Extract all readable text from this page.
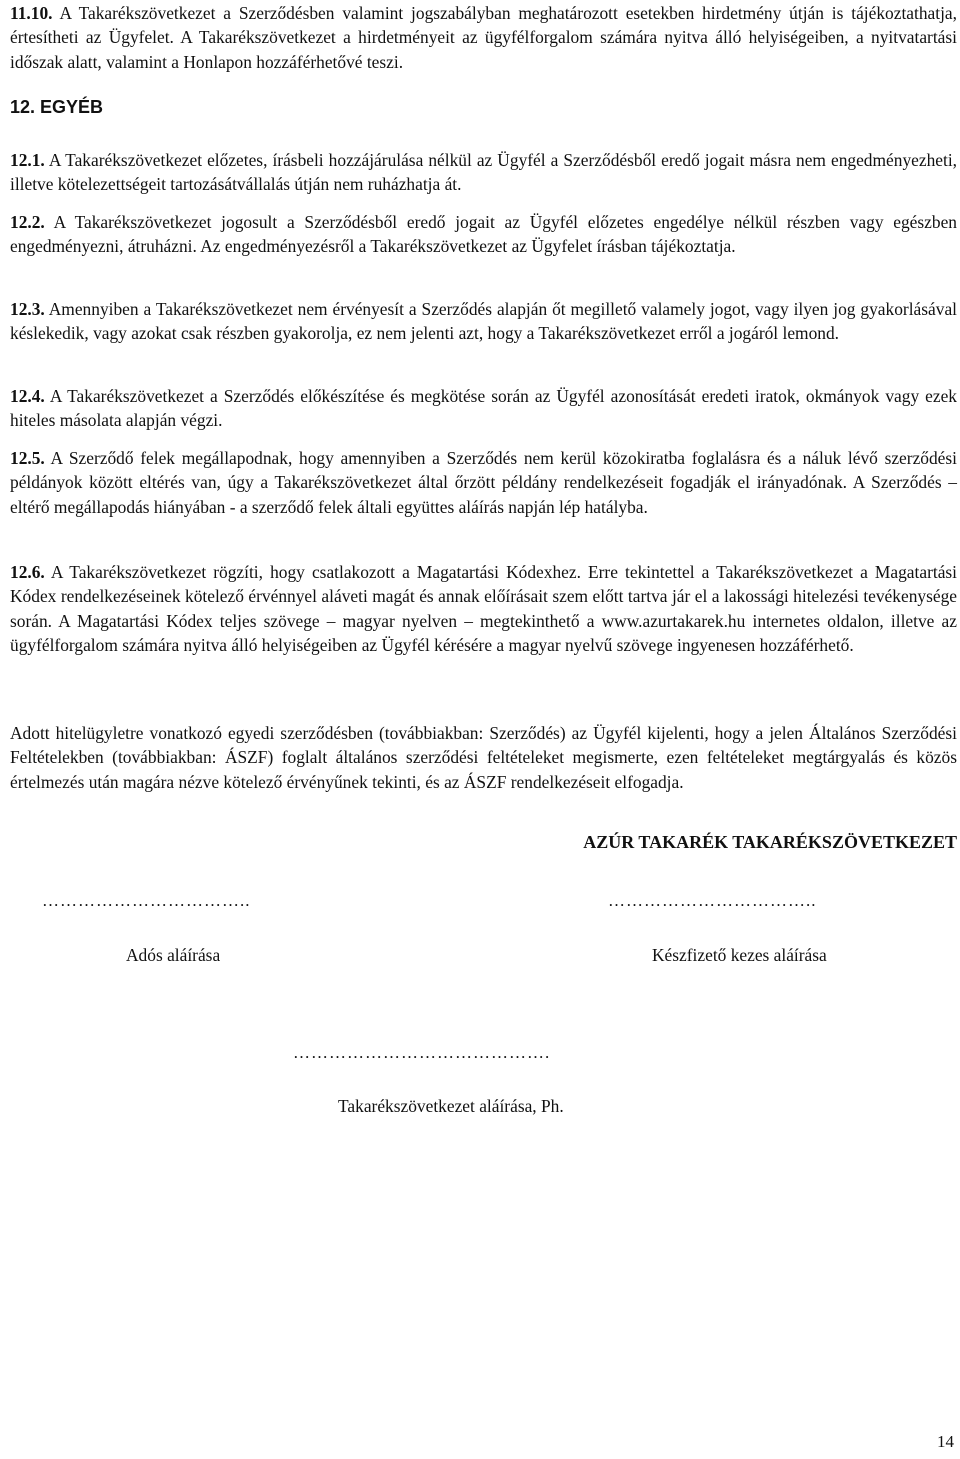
11.10. A Takarékszövetkezet a Szerződésben valamint jogszabályban meghatározott esetekben hirdetmény útján is tájékoztathatja, értesítheti az Ügyfelet. A Takarékszövetkezet a hirdetményeit az ügyfélforgalom számára nyitva álló helyiségeiben, a nyitvatartási időszak alatt, valamint a Honlapon hozzáférhetővé teszi.

12. EGYÉB

12.1. A Takarékszövetkezet előzetes, írásbeli hozzájárulása nélkül az Ügyfél a Szerződésből eredő jogait másra nem engedményezheti, illetve kötelezettségeit tartozásátvállalás útján nem ruházhatja át.

12.2. A Takarékszövetkezet jogosult a Szerződésből eredő jogait az Ügyfél előzetes engedélye nélkül részben vagy egészben engedményezni, átruházni. Az engedményezésről a Takarékszövetkezet az Ügyfelet írásban tájékoztatja.

12.3. Amennyiben a Takarékszövetkezet nem érvényesít a Szerződés alapján őt megillető valamely jogot, vagy ilyen jog gyakorlásával késlekedik, vagy azokat csak részben gyakorolja, ez nem jelenti azt, hogy a Takarékszövetkezet erről a jogáról lemond.

12.4. A Takarékszövetkezet a Szerződés előkészítése és megkötése során az Ügyfél azonosítását eredeti iratok, okmányok vagy ezek hiteles másolata alapján végzi.

12.5. A Szerződő felek megállapodnak, hogy amennyiben a Szerződés nem kerül közokiratba foglalásra és a náluk lévő szerződési példányok között eltérés van, úgy a Takarékszövetkezet által őrzött példány rendelkezéseit fogadják el irányadónak. A Szerződés – eltérő megállapodás hiányában - a szerződő felek általi együttes aláírás napján lép hatályba.

12.6. A Takarékszövetkezet rögzíti, hogy csatlakozott a Magatartási Kódexhez. Erre tekintettel a Takarékszövetkezet a Magatartási Kódex rendelkezéseinek kötelező érvénnyel aláveti magát és annak előírásait szem előtt tartva jár el a lakossági hitelezési tevékenysége során. A Magatartási Kódex teljes szövege – magyar nyelven – megtekinthető a www.azurtakarek.hu internetes oldalon, illetve az ügyfélforgalom számára nyitva álló helyiségeiben az Ügyfél kérésére a magyar nyelvű szövege ingyenesen hozzáférhető.

Adott hitelügyletre vonatkozó egyedi szerződésben (továbbiakban: Szerződés) az Ügyfél kijelenti, hogy a jelen Általános Szerződési Feltételekben (továbbiakban: ÁSZF) foglalt általános szerződési feltételeket megismerte, ezen feltételeket megtárgyalás és közös értelmezés után magára nézve kötelező érvényűnek tekinti, és az ÁSZF rendelkezéseit elfogadja.

AZÚR TAKARÉK TAKARÉKSZÖVETKEZET
……………………………..
Adós aláírása
……………………………..
Készfizető kezes aláírása
…………………………………….
Takarékszövetkezet aláírása, Ph.
14
